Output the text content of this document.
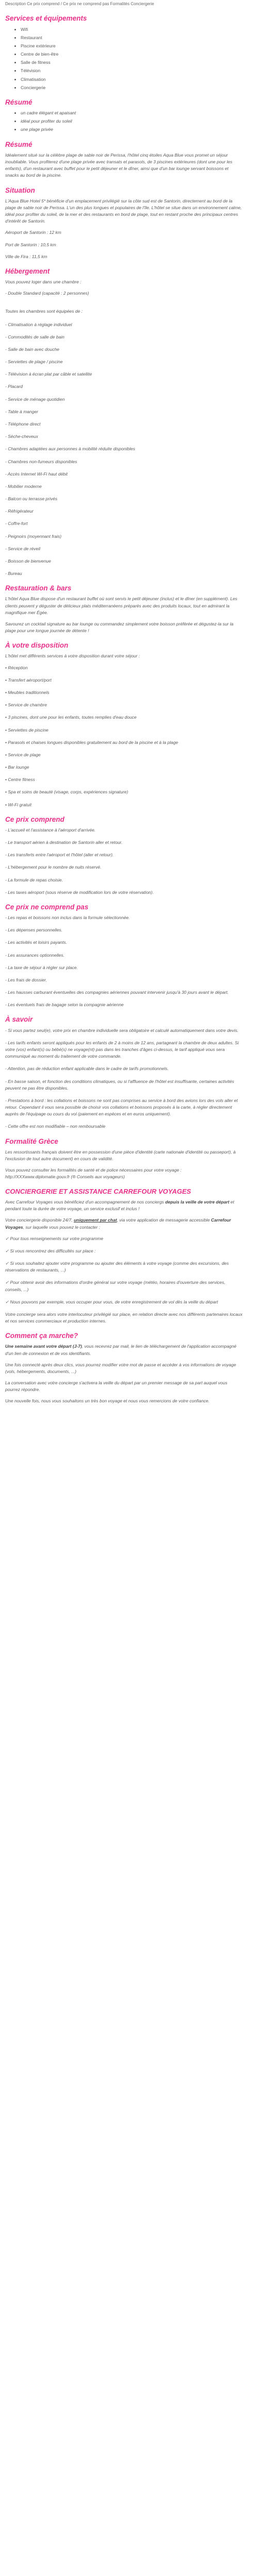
Description Ce prix comprend / Ce prix ne comprend pas Formalités Conciergerie
Services et équipements
• Wifi
• Restaurant
• Piscine extérieure
• Centre de bien-être
• Salle de fitness
• Télévision
• Climatisation
• Conciergerie
Résumé
• un cadre élégant et apaisant
• idéal pour profiter du soleil
• une plage privée
Résumé

Idéalement situé sur la célèbre plage de sable noir de Perissa, l'hôtel cinq étoiles Aqua Blue vous promet un séjour inoubliable. Vous profiterez d'une plage privée avec transats et parasols, de 3 piscines extérieures (dont une pour les enfants), d'un restaurant avec buffet pour le petit déjeuner et le dîner, ainsi que d'un bar lounge servant boissons et snacks au bord de la piscine.

Situation

L'Aqua Blue Hotel 5* bénéficie d'un emplacement privilégié sur la côte sud est de Santorin, directement au bord de la plage de sable noir de Perissa. L'un des plus longues et populaires de l'île. L'hôtel se situe dans un environnement calme, idéal pour profiter du soleil, de la mer et des restaurants en bord de plage, tout en restant proche des principaux centres d'intérêt de Santorin.

Aéroport de Santorin : 12 km
Port de Santorin : 10,5 km
Ville de Fira : 11,5 km
Hébergement

Vous pouvez loger dans une chambre :

- Double Standard (capacité : 2 personnes)

Toutes les chambres sont équipées de :

- Climatisation à réglage individuel
- Commodités de salle de bain
- Salle de bain avec douche
- Serviettes de plage / piscine
- Télévision à écran plat par câble et satellite
- Placard
- Service de ménage quotidien
- Table à manger
- Téléphone direct
- Sèche-cheveux
- Chambres adaptées aux personnes à mobilité réduite disponibles
- Chambres non-fumeurs disponibles
- Accès Internet Wi-Fi haut débit
- Mobilier moderne
- Balcon ou terrasse privés
- Réfrigérateur
- Coffre-fort
- Peignoirs (moyennant frais)
- Service de réveil
- Boisson de bienvenue
- Bureau
Restauration & bars

L'hôtel Aqua Blue dispose d'un restaurant buffet où sont servis le petit déjeuner (inclus) et le dîner (en supplément). Les clients peuvent y déguster de délicieux plats méditerranéens préparés avec des produits locaux, tout en admirant la magnifique mer Égée.

Savourez un cocktail signature au bar lounge ou commandez simplement votre boisson préférée et dégustez-la sur la plage pour une longue journée de détente !

À votre disposition

L'hôtel met différents services à votre disposition durant votre séjour :

• Réception
• Transfert aéroport/port
• Meubles traditionnels
• Service de chambre
• 3 piscines, dont une pour les enfants, toutes remplies d'eau douce
• Serviettes de piscine
• Parasols et chaises longues disponibles gratuitement au bord de la piscine et à la plage
• Service de plage
• Bar lounge
• Centre fitness
• Spa et soins de beauté (visage, corps, expériences signature)
• Wi-Fi gratuit
Ce prix comprend
- L'accueil et l'assistance à l'aéroport d'arrivée.
- Le transport aérien à destination de Santorin aller et retour.
- Les transferts entre l'aéroport et l'hôtel (aller et retour).
- L'hébergement pour le nombre de nuits réservé.
- La formule de repas choisie.
- Les taxes aéroport (sous réserve de modification lors de votre réservation).
Ce prix ne comprend pas
- Les repas et boissons non inclus dans la formule sélectionnée.
- Les dépenses personnelles.
- Les activités et loisirs payants.
- Les assurances optionnelles.
- La taxe de séjour à régler sur place.
- Les frais de dossier.
- Les hausses carburant éventuelles des compagnies aériennes pouvant intervenir jusqu'à 30 jours avant le départ.
- Les éventuels frais de bagage selon la compagnie aérienne
À savoir
- Si vous partez seul(e), votre prix en chambre individuelle sera obligatoire et calculé automatiquement dans votre devis.
- Les tarifs enfants seront appliqués pour les enfants de 2 à moins de 12 ans, partageant la chambre de deux adultes. Si votre (vos) enfant(s) ou bébé(s) ne voyage(nt) pas dans les tranches d'âges ci-dessus, le tarif appliqué vous sera communiqué au moment du traitement de votre commande.
- Attention, pas de réduction enfant applicable dans le cadre de tarifs promotionnels.
- En basse saison, et fonction des conditions climatiques, ou si l'affluence de l'hôtel est insuffisante, certaines activités peuvent ne pas être disponibles.
- Prestations à bord : les collations et boissons ne sont pas comprises au service à bord des avions lors des vols aller et retour. Cependant il vous sera possible de choisir vos collations et boissons proposés à la carte, à régler directement auprès de l'équipage ou cours du vol (paiement en espèces et en euros uniquement).
- Cette offre est non modifiable – non remboursable
Formalité Grèce

Les ressortissants français doivent être en possession d'une pièce d'identité (carte nationale d'identité ou passeport), à l'exclusion de tout autre document) en cours de validité.

Vous pouvez consulter les formalités de santé et de police nécessaires pour votre voyage : http://XXXwww.diplomatie.gouv.fr (® Conseils aux voyageurs)

CONCIERGERIE ET ASSISTANCE CARREFOUR VOYAGES

Avec Carrefour Voyages vous bénéficiez d'un accompagnement de nos conciergs depuis la veille de votre départ et pendant toute la durée de votre voyage, un service exclusif et inclus !

Votre conciergerie disponible 24/7, uniquement par chat, via votre application de messagerie accessible Carrefour Voyages, sur laquelle vous pouvez le contacter :

✓ Pour tous renseignements sur votre programme
✓ Si vous rencontrez des difficultés sur place :
✓ Si vous souhaitez ajouter votre programme ou ajouter des éléments à votre voyage (comme des excursions, des réservations de restaurants, ...)
✓ Pour obtenir avoir des informations d'ordre général sur votre voyage (météo, horaires d'ouverture des services, conseils, ...)
✓ Nous pouvons par exemple, vous occuper pour vous, de votre enregistrement de vol dès la veille du départ

Votre concierge sera alors votre interlocuteur privilégié sur place, en relation directe avec nos différents partenaires locaux et nos services commerciaux et production internes.

Comment ça marche?

Une semaine avant votre départ (J-7), vous recevrez par mail, le lien de téléchargement de l'application accompagné d'un lien de connexion et de vos identifiants.

Une fois connecté après deux clics, vous pourrez modifier votre mot de passe et accéder à vos informations de voyage (vols, hébergements, documents, ...)

La conversation avec votre concierge s'activera la veille du départ par un premier message de sa part auquel vous pourrez répondre.

Une nouvelle fois, nous vous souhaitons un très bon voyage et nous vous remercions de votre confiance.
